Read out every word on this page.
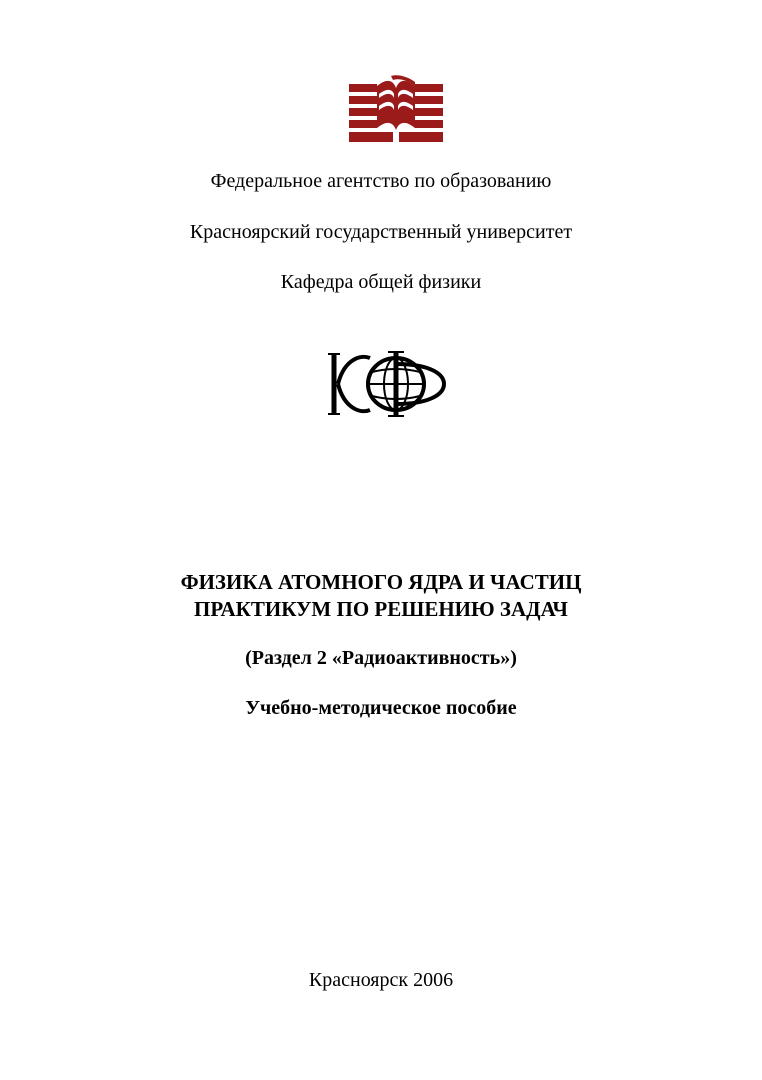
Федеральное агентство по образованию
Красноярский государственный университет
Кафедра общей физики
ФИЗИКА АТОМНОГО ЯДРА И ЧАСТИЦ
ПРАКТИКУМ ПО РЕШЕНИЮ ЗАДАЧ
(Раздел 2 «Радиоактивность»)
Учебно-методическое пособие
Красноярск 2006
